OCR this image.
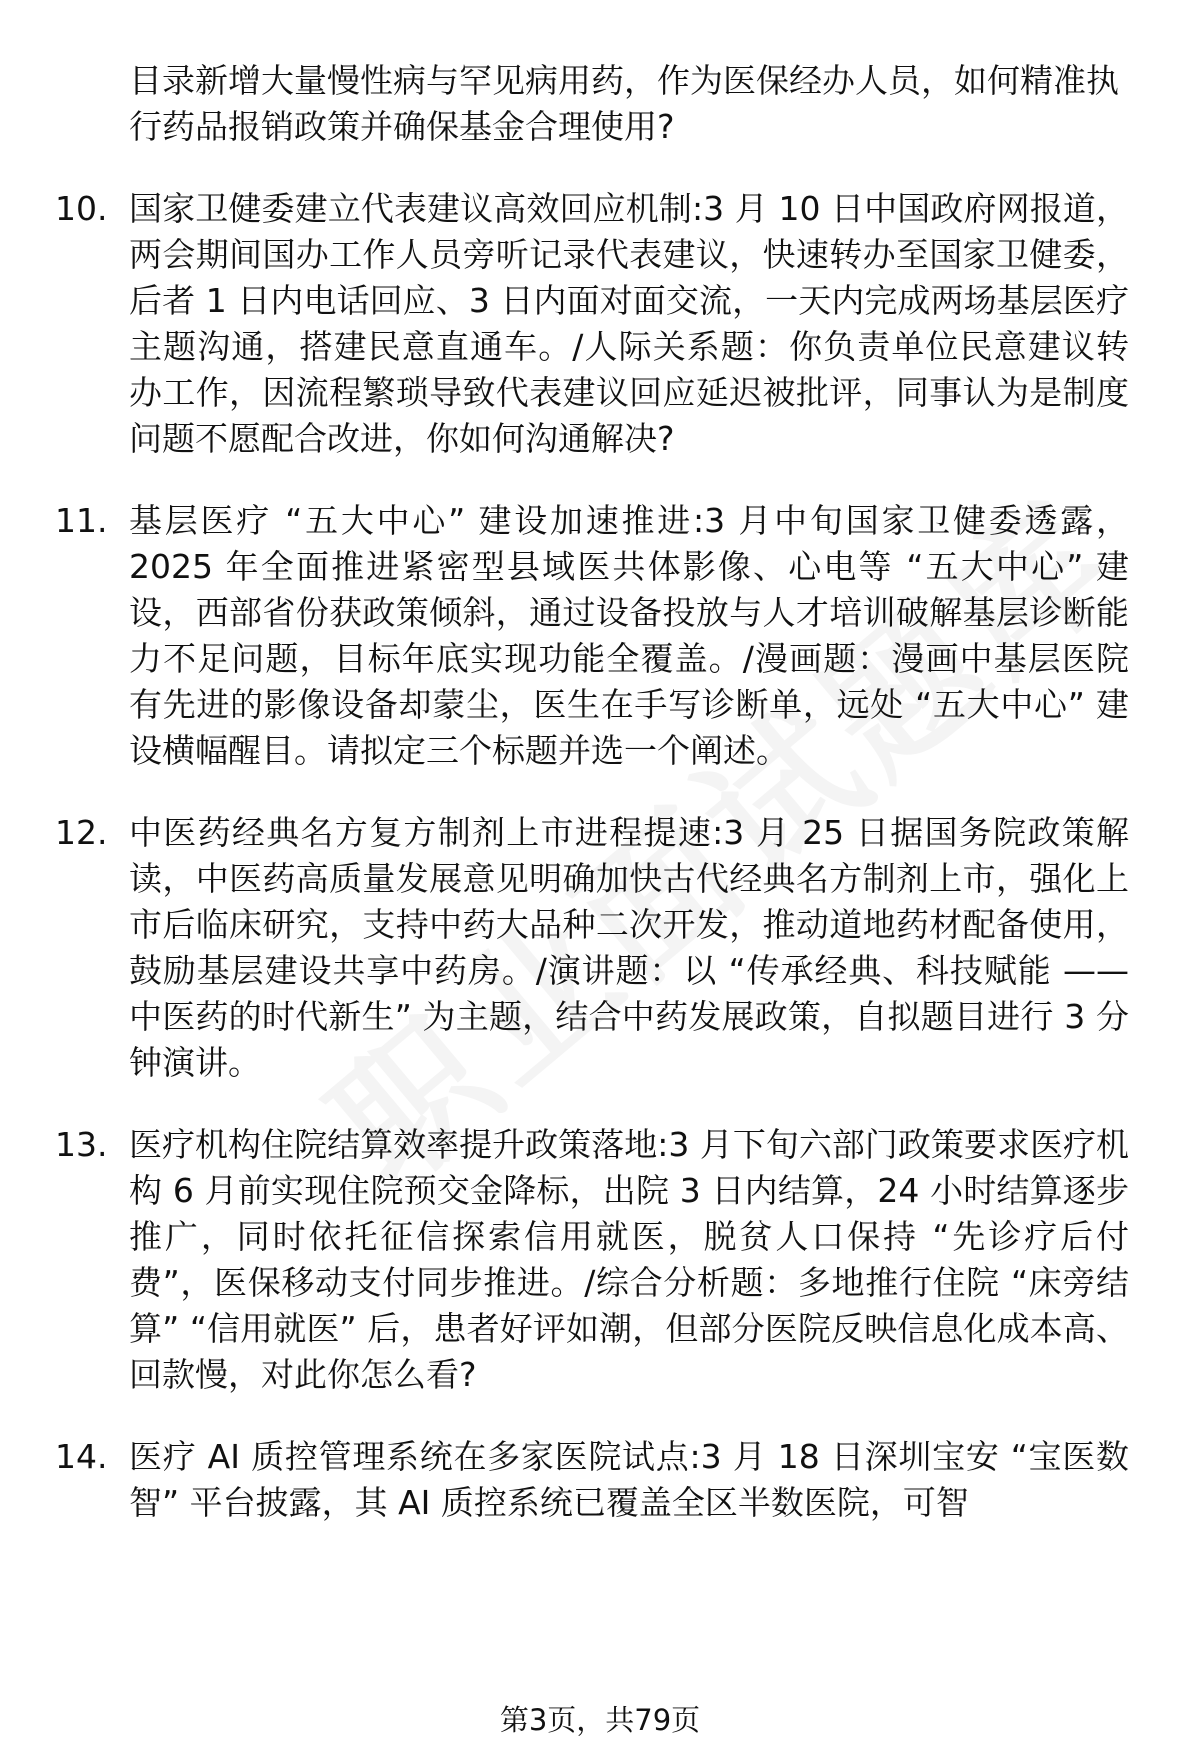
目录新增大量慢性病与罕见病用药，作为医保经办人员，如何精准执行药品报销政策并确保基金合理使用?
10. 国家卫健委建立代表建议高效回应机制:3 月 10 日中国政府网报道，两会期间国办工作人员旁听记录代表建议，快速转办至国家卫健委，后者 1 日内电话回应、3 日内面对面交流，一天内完成两场基层医疗主题沟通，搭建民意直通车。/人际关系题：你负责单位民意建议转办工作，因流程繁琐导致代表建议回应延迟被批评，同事认为是制度问题不愿配合改进，你如何沟通解决?
11. 基层医疗 “五大中心” 建设加速推进:3 月中旬国家卫健委透露，2025 年全面推进紧密型县域医共体影像、心电等 “五大中心” 建设，西部省份获政策倾斜，通过设备投放与人才培训破解基层诊断能力不足问题，目标年底实现功能全覆盖。/漫画题：漫画中基层医院有先进的影像设备却蒙尘，医生在手写诊断单，远处 “五大中心” 建设横幅醒目。请拟定三个标题并选一个阐述。
12. 中医药经典名方复方制剂上市进程提速:3 月 25 日据国务院政策解读，中医药高质量发展意见明确加快古代经典名方制剂上市，强化上市后临床研究，支持中药大品种二次开发，推动道地药材配备使用，鼓励基层建设共享中药房。/演讲题：以 “传承经典、科技赋能 —— 中医药的时代新生” 为主题，结合中药发展政策，自拟题目进行 3 分钟演讲。
13. 医疗机构住院结算效率提升政策落地:3 月下旬六部门政策要求医疗机构 6 月前实现住院预交金降标，出院 3 日内结算，24 小时结算逐步推广，同时依托征信探索信用就医，脱贫人口保持 “先诊疗后付费”，医保移动支付同步推进。/综合分析题：多地推行住院 “床旁结算” “信用就医” 后，患者好评如潮，但部分医院反映信息化成本高、回款慢，对此你怎么看?
14. 医疗 AI 质控管理系统在多家医院试点:3 月 18 日深圳宝安 “宝医数智” 平台披露，其 AI 质控系统已覆盖全区半数医院，可智
第3页，共79页
